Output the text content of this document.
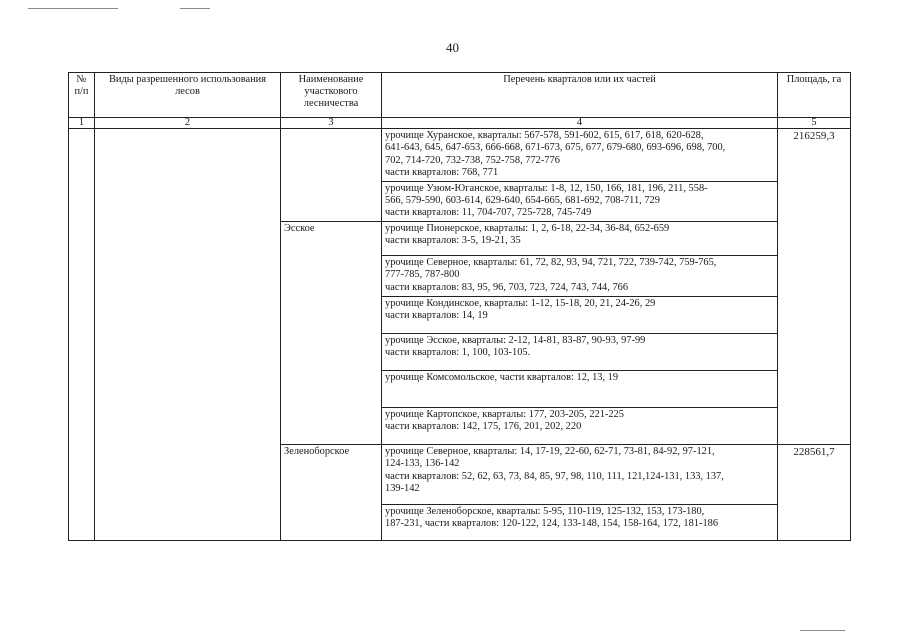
40
№ п/п	Виды разрешенного использования лесов	Наименование участкового лесничества	Перечень кварталов или их частей	Площадь, га
1	2	3	4	5

			урочище Хуранское, кварталы: 567-578, 591-602, 615, 617, 618, 620-628,
641-643, 645, 647-653, 666-668, 671-673, 675, 677, 679-680, 693-696, 698, 700,
702, 714-720, 732-738, 752-758, 772-776
части кварталов: 768, 771	216259,3

			урочище Узюм-Юганское, кварталы: 1-8, 12, 150, 166, 181, 196, 211, 558-
566, 579-590, 603-614, 629-640, 654-665, 681-692, 708-711, 729
части кварталов: 11, 704-707, 725-728, 745-749	

		Эсское	урочище Пионерское, кварталы: 1, 2, 6-18, 22-34, 36-84, 652-659
части кварталов: 3-5, 19-21, 35	

			урочище Северное, кварталы: 61, 72, 82, 93, 94, 721, 722, 739-742, 759-765,
777-785, 787-800
части кварталов: 83, 95, 96, 703, 723, 724, 743, 744, 766	

			урочище Кондинское, кварталы: 1-12, 15-18, 20, 21, 24-26, 29
части кварталов: 14, 19	

			урочище Эсское, кварталы: 2-12, 14-81, 83-87, 90-93, 97-99
части кварталов: 1, 100, 103-105.	

			урочище Комсомольское, части кварталов: 12, 13, 19	

			урочище Картопское, кварталы: 177, 203-205, 221-225
части кварталов: 142, 175, 176, 201, 202, 220	

		Зеленоборское	урочище Северное, кварталы: 14, 17-19, 22-60, 62-71, 73-81, 84-92, 97-121,
124-133, 136-142
части кварталов: 52, 62, 63, 73, 84, 85, 97, 98, 110, 111, 121,124-131, 133, 137,
139-142	228561,7

			урочище Зеленоборское, кварталы: 5-95, 110-119, 125-132, 153, 173-180,
187-231, части кварталов: 120-122, 124, 133-148, 154, 158-164, 172, 181-186	
